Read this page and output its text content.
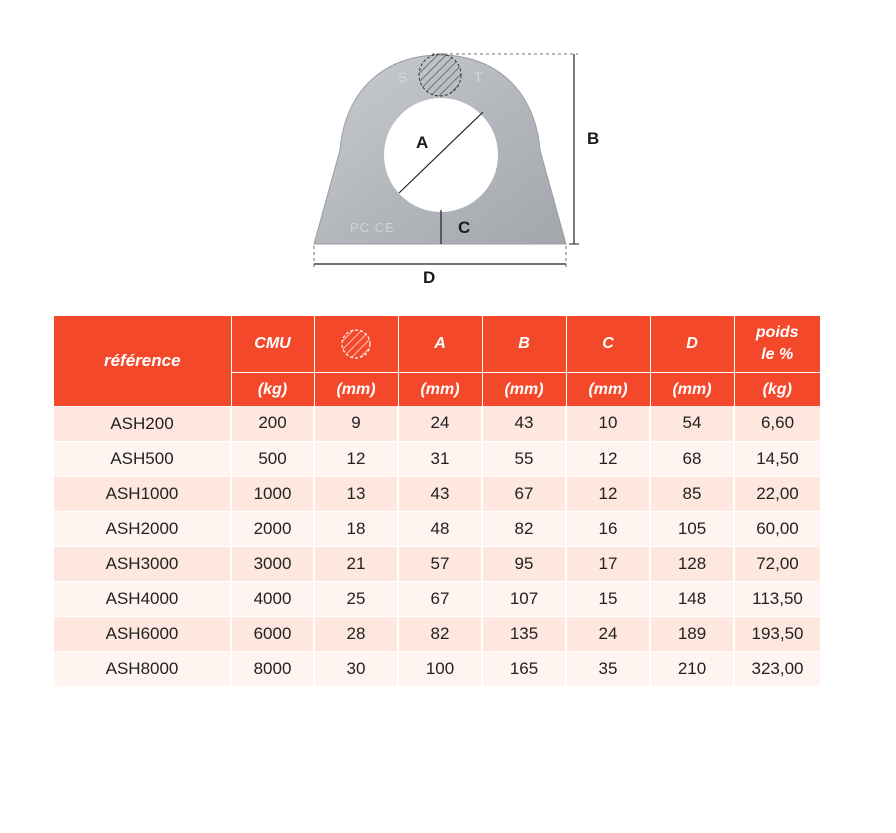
S	T
PC CE
A	B
C
D
référence	CMU		A	B	C	D	poids
le %
	(kg)	(mm)	(mm)	(mm)	(mm)	(mm)	(kg)
ASH200	200	9	24	43	10	54	6,60
ASH500	500	12	31	55	12	68	14,50
ASH1000	1000	13	43	67	12	85	22,00
ASH2000	2000	18	48	82	16	105	60,00
ASH3000	3000	21	57	95	17	128	72,00
ASH4000	4000	25	67	107	15	148	113,50
ASH6000	6000	28	82	135	24	189	193,50
ASH8000	8000	30	100	165	35	210	323,00
